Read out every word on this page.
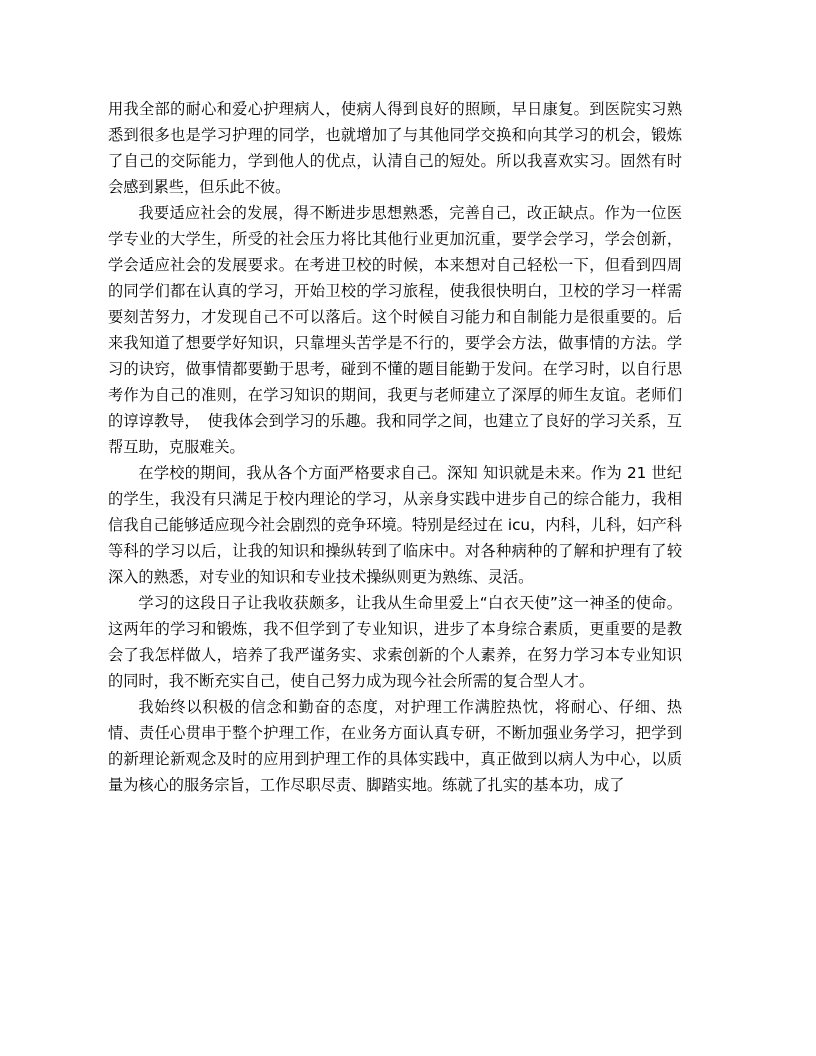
用我全部的耐心和爱心护理病人，使病人得到良好的照顾，早日康复。到医院实习熟悉到很多也是学习护理的同学，也就增加了与其他同学交换和向其学习的机会，锻炼了自己的交际能力，学到他人的优点，认清自己的短处。所以我喜欢实习。固然有时会感到累些，但乐此不彼。

我要适应社会的发展，得不断进步思想熟悉，完善自己，改正缺点。作为一位医学专业的大学生，所受的社会压力将比其他行业更加沉重，要学会学习，学会创新，学会适应社会的发展要求。在考进卫校的时候，本来想对自己轻松一下，但看到四周的同学们都在认真的学习，开始卫校的学习旅程，使我很快明白，卫校的学习一样需要刻苦努力，才发现自己不可以落后。这个时候自习能力和自制能力是很重要的。后来我知道了想要学好知识，只靠埋头苦学是不行的，要学会方法，做事情的方法。学习的诀窍，做事情都要勤于思考，碰到不懂的题目能勤于发问。在学习时，以自行思考作为自己的准则，在学习知识的期间，我更与老师建立了深厚的师生友谊。老师们的谆谆教导，　使我体会到学习的乐趣。我和同学之间，也建立了良好的学习关系，互帮互助，克服难关。

在学校的期间，我从各个方面严格要求自己。深知 知识就是未来。作为 21 世纪的学生，我没有只满足于校内理论的学习，从亲身实践中进步自己的综合能力，我相信我自己能够适应现今社会剧烈的竞争环境。特别是经过在 icu，内科，儿科，妇产科等科的学习以后，让我的知识和操纵转到了临床中。对各种病种的了解和护理有了较深入的熟悉，对专业的知识和专业技术操纵则更为熟练、灵活。

学习的这段日子让我收获颇多，让我从生命里爱上“白衣天使”这一神圣的使命。这两年的学习和锻炼，我不但学到了专业知识，进步了本身综合素质，更重要的是教会了我怎样做人，培养了我严谨务实、求索创新的个人素养，在努力学习本专业知识的同时，我不断充实自己，使自己努力成为现今社会所需的复合型人才。

我始终以积极的信念和勤奋的态度，对护理工作满腔热忱，将耐心、仔细、热情、责任心贯串于整个护理工作，在业务方面认真专研，不断加强业务学习，把学到的新理论新观念及时的应用到护理工作的具体实践中，真正做到以病人为中心，以质量为核心的服务宗旨，工作尽职尽责、脚踏实地。练就了扎实的基本功，成了
